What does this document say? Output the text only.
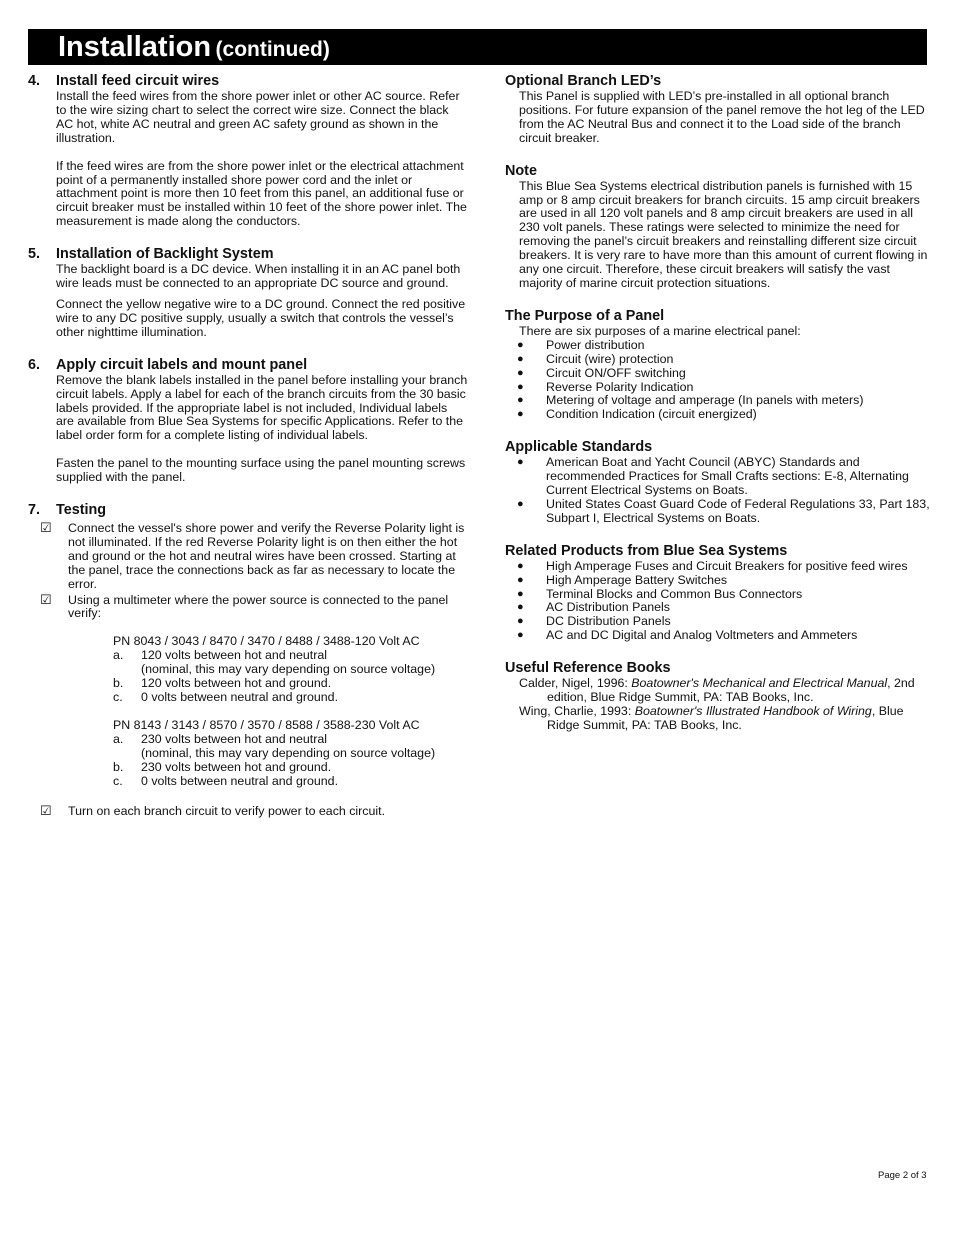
Installation (continued)
4. Install feed circuit wires

Install the feed wires from the shore power inlet or other AC source. Refer to the wire sizing chart to select the correct wire size. Connect the black AC hot, white AC neutral and green AC safety ground as shown in the illustration.

If the feed wires are from the shore power inlet or the electrical attachment point of a permanently installed shore power cord and the inlet or attachment point is more then 10 feet from this panel, an additional fuse or circuit breaker must be installed within 10 feet of the shore power inlet. The measurement is made along the conductors.

5. Installation of Backlight System

The backlight board is a DC device. When installing it in an AC panel both wire leads must be connected to an appropriate DC source and ground.

Connect the yellow negative wire to a DC ground. Connect the red positive wire to any DC positive supply, usually a switch that controls the vessel’s other nighttime illumination.

6. Apply circuit labels and mount panel

Remove the blank labels installed in the panel before installing your branch circuit labels. Apply a label for each of the branch circuits from the 30 basic labels provided. If the appropriate label is not included, Individual labels are available from Blue Sea Systems for specific Applications. Refer to the label order form for a complete listing of individual labels.

Fasten the panel to the mounting surface using the panel mounting screws supplied with the panel.

7. Testing

☑ Connect the vessel's shore power and verify the Reverse Polarity light is not illuminated. If the red Reverse Polarity light is on then either the hot and ground or the hot and neutral wires have been crossed. Starting at the panel, trace the connections back as far as necessary to locate the error.

☑ Using a multimeter where the power source is connected to the panel verify:

PN 8043 / 3043 / 8470 / 3470 / 8488 / 3488-120 Volt AC

a. 120 volts between hot and neutral
(nominal, this may vary depending on source voltage)

b. 120 volts between hot and ground.

c. 0 volts between neutral and ground.

PN 8143 / 3143 / 8570 / 3570 / 8588 / 3588-230 Volt AC

a. 230 volts between hot and neutral
(nominal, this may vary depending on source voltage)

b. 230 volts between hot and ground.

c. 0 volts between neutral and ground.

☑ Turn on each branch circuit to verify power to each circuit.

Optional Branch LED’s

This Panel is supplied with LED’s pre-installed in all optional branch positions. For future expansion of the panel remove the hot leg of the LED from the AC Neutral Bus and connect it to the Load side of the branch circuit breaker.

Note

This Blue Sea Systems electrical distribution panels is furnished with 15 amp or 8 amp circuit breakers for branch circuits. 15 amp circuit breakers are used in all 120 volt panels and 8 amp circuit breakers are used in all 230 volt panels. These ratings were selected to minimize the need for removing the panel’s circuit breakers and reinstalling different size circuit breakers. It is very rare to have more than this amount of current flowing in any one circuit. Therefore, these circuit breakers will satisfy the vast majority of marine circuit protection situations.

The Purpose of a Panel

There are six purposes of a marine electrical panel:

● Power distribution

● Circuit (wire) protection

● Circuit ON/OFF switching

● Reverse Polarity Indication

● Metering of voltage and amperage (In panels with meters)

● Condition Indication (circuit energized)

Applicable Standards

● American Boat and Yacht Council (ABYC) Standards and recommended Practices for Small Crafts sections: E-8, Alternating Current Electrical Systems on Boats.

● United States Coast Guard Code of Federal Regulations 33, Part 183, Subpart I, Electrical Systems on Boats.

Related Products from Blue Sea Systems

● High Amperage Fuses and Circuit Breakers for positive feed wires

● High Amperage Battery Switches

● Terminal Blocks and Common Bus Connectors

● AC Distribution Panels

● DC Distribution Panels

● AC and DC Digital and Analog Voltmeters and Ammeters

Useful Reference Books

Calder, Nigel, 1996: Boatowner's Mechanical and Electrical Manual, 2nd edition, Blue Ridge Summit, PA: TAB Books, Inc.

Wing, Charlie, 1993: Boatowner's Illustrated Handbook of Wiring, Blue Ridge Summit, PA: TAB Books, Inc.

Page 2 of 3
